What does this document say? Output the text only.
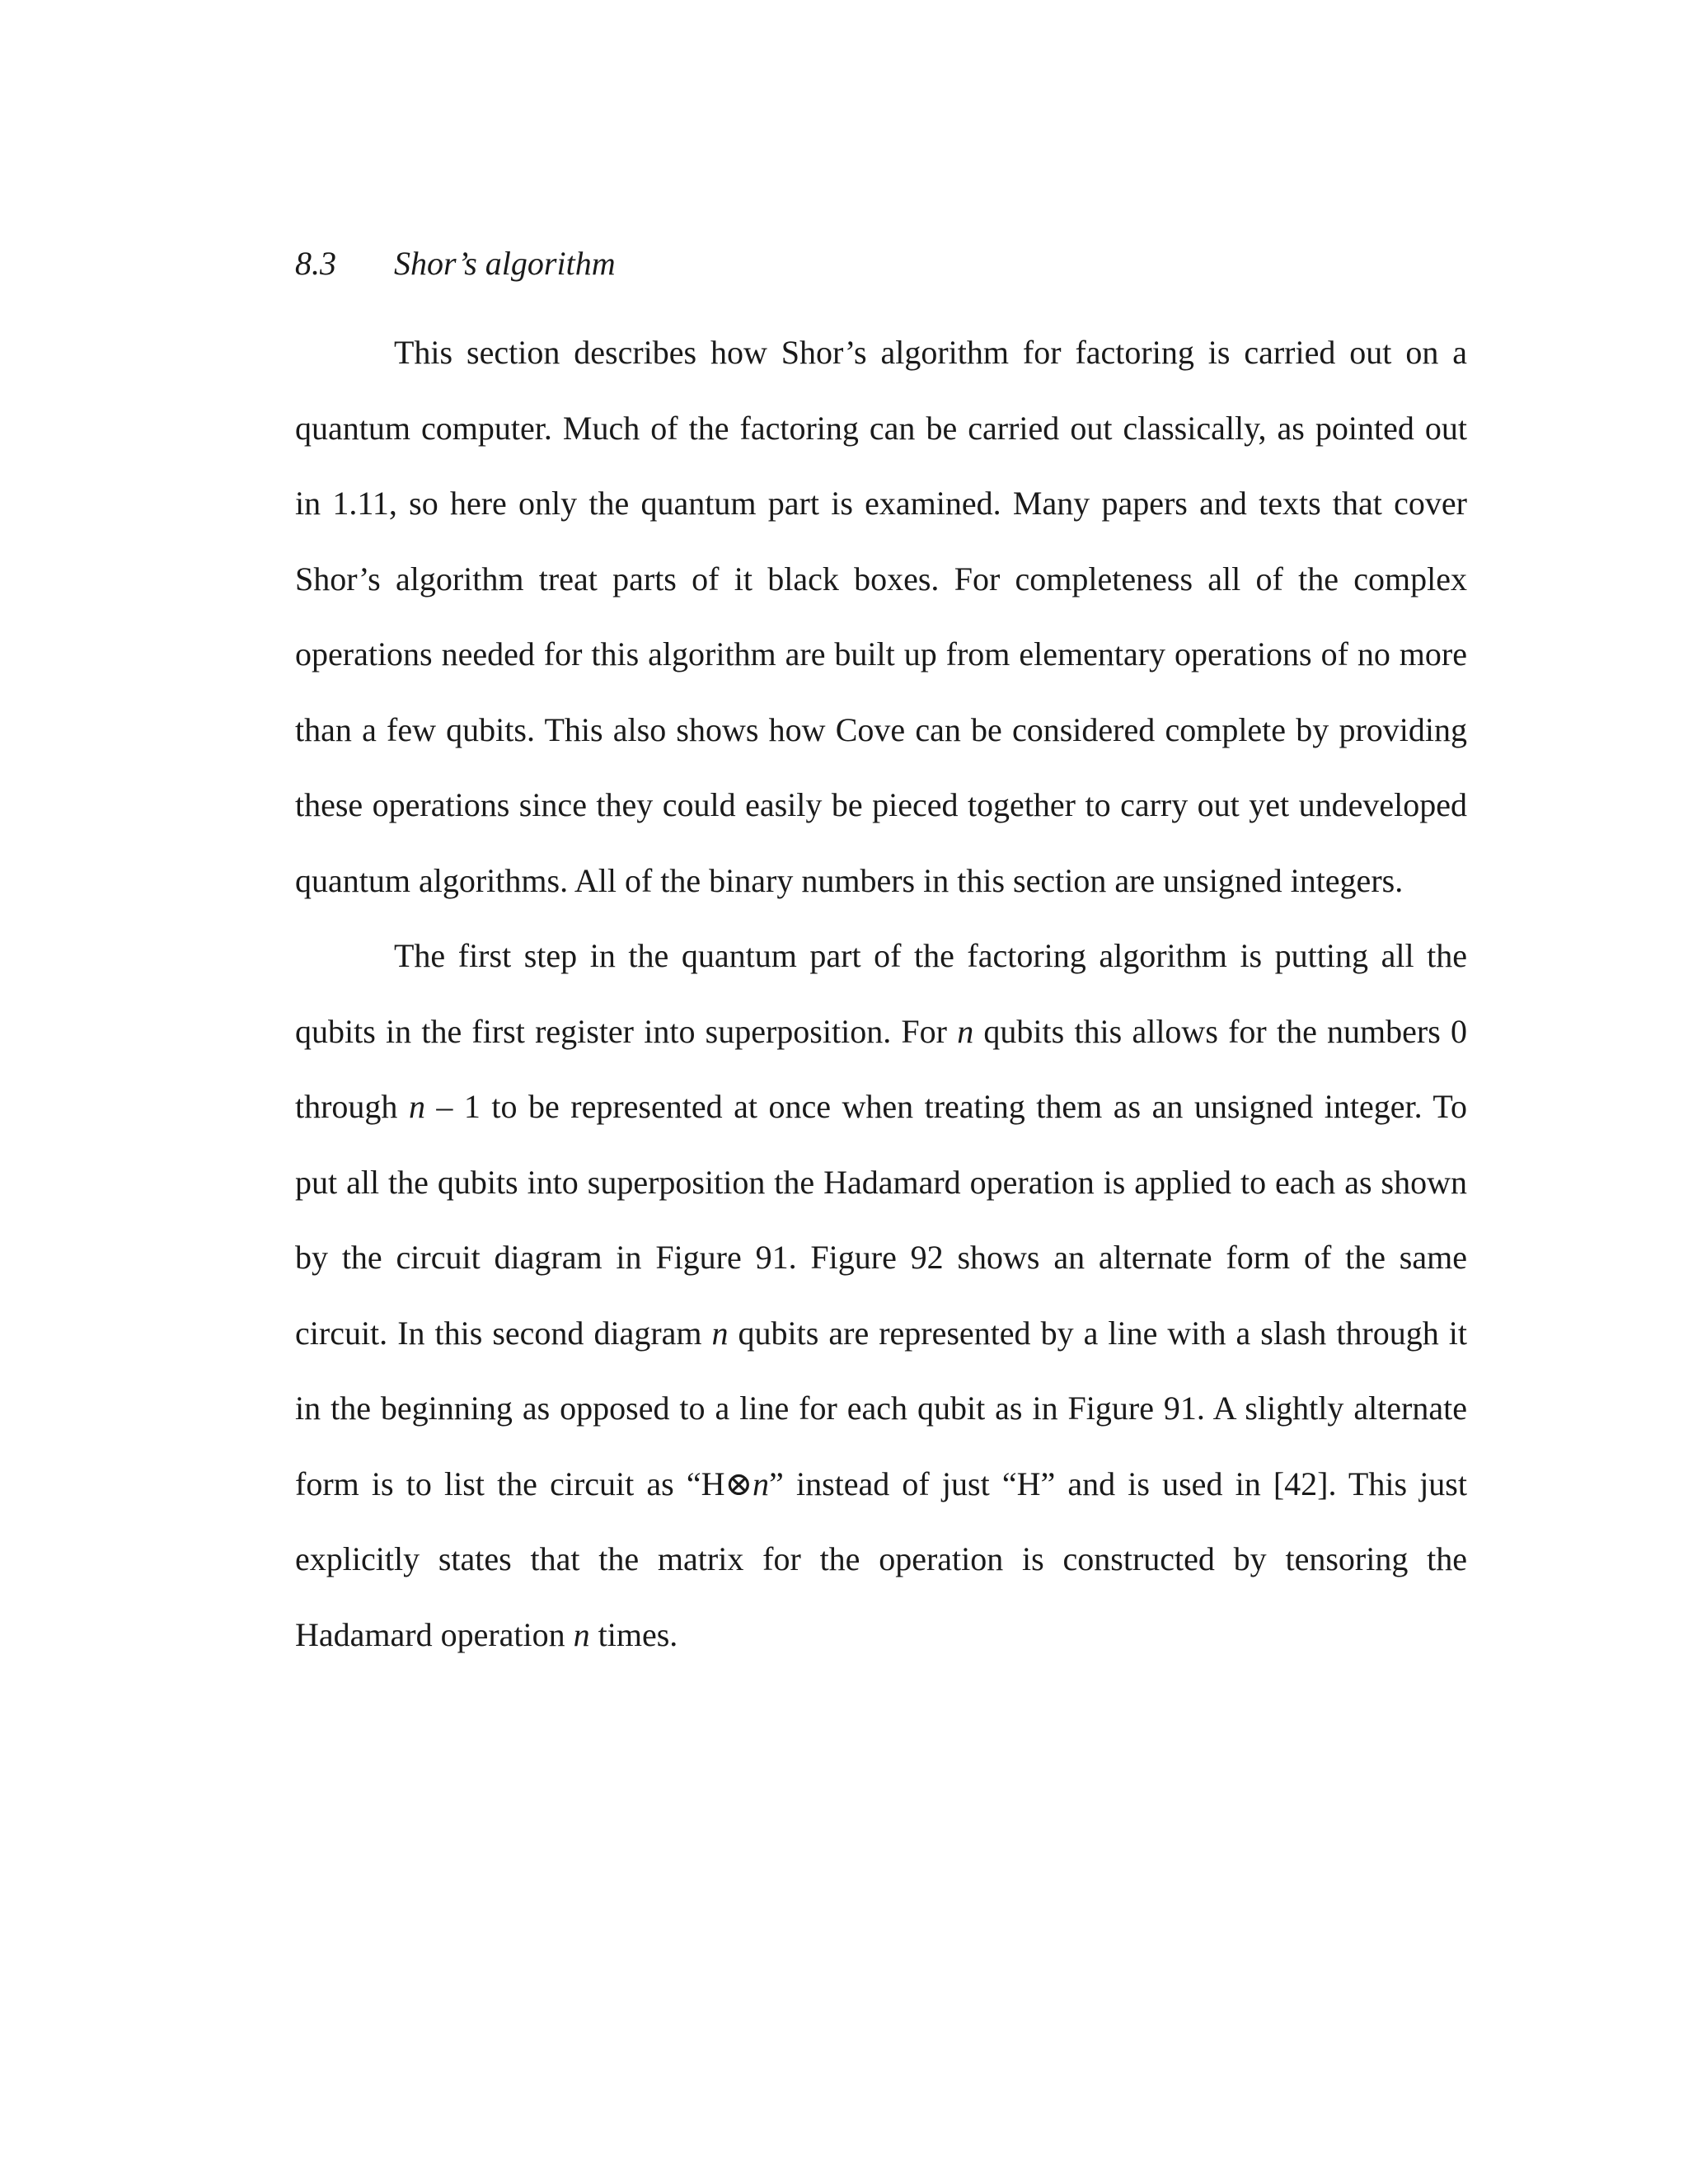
8.3 Shor’s algorithm

This section describes how Shor’s algorithm for factoring is carried out on a quantum computer. Much of the factoring can be carried out classically, as pointed out in 1.11, so here only the quantum part is examined. Many papers and texts that cover Shor’s algorithm treat parts of it black boxes. For completeness all of the complex operations needed for this algorithm are built up from elementary operations of no more than a few qubits. This also shows how Cove can be considered complete by providing these operations since they could easily be pieced together to carry out yet undeveloped quantum algorithms. All of the binary numbers in this section are unsigned integers.

The first step in the quantum part of the factoring algorithm is putting all the qubits in the first register into superposition. For n qubits this allows for the numbers 0 through n – 1 to be represented at once when treating them as an unsigned integer. To put all the qubits into superposition the Hadamard operation is applied to each as shown by the circuit diagram in Figure 91. Figure 92 shows an alternate form of the same circuit. In this second diagram n qubits are represented by a line with a slash through it in the beginning as opposed to a line for each qubit as in Figure 91. A slightly alternate form is to list the circuit as “H⊗n” instead of just “H” and is used in [42]. This just explicitly states that the matrix for the operation is constructed by tensoring the Hadamard operation n times.
